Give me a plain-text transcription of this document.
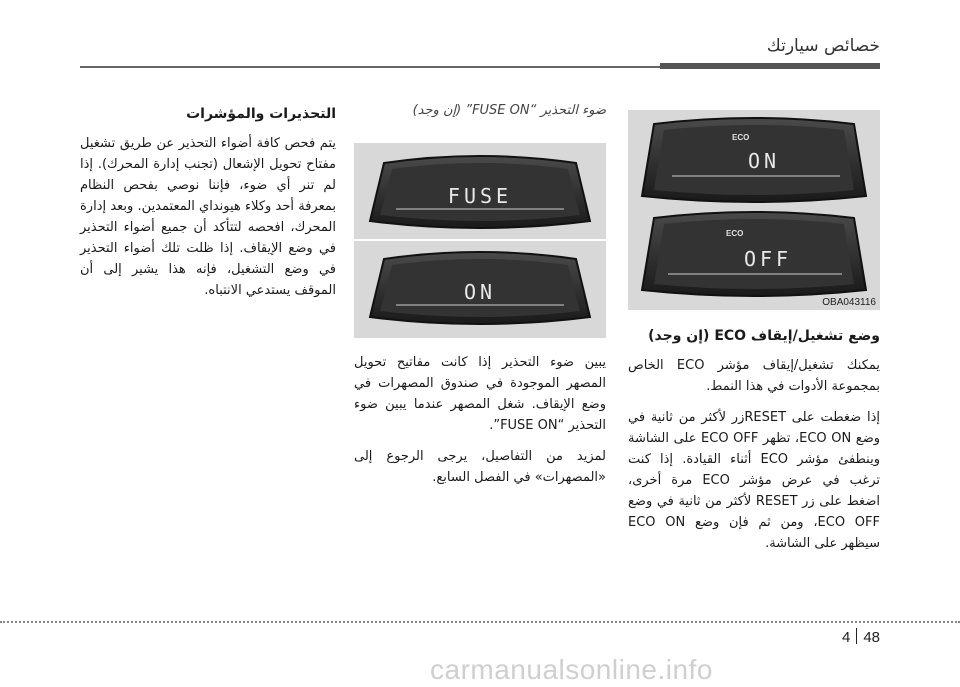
خصائص سيارتك
التحذيرات والمؤشرات

يتم فحص كافة أضواء التحذير عن طريق تشغيل مفتاح تحويل الإشعال (تجنب إدارة المحرك). إذا لم تنر أي ضوء، فإننا نوصي بفحص النظام بمعرفة أحد وكلاء هيونداي المعتمدين. وبعد إدارة المحرك، افحصه لتتأكد أن جميع أضواء التحذير في وضع الإيقاف. إذا ظلت تلك أضواء التحذير في وضع التشغيل، فإنه هذا يشير إلى أن الموقف يستدعي الانتباه.

ضوء التحذير “FUSE ON” (إن وجد)
FUSE
ON

يبين ضوء التحذير إذا كانت مفاتيح تحويل المصهر الموجودة في صندوق المصهرات في وضع الإيقاف. شغل المصهر عندما يبين ضوء التحذير “FUSE ON”.

لمزيد من التفاصيل، يرجى الرجوع إلى «المصهرات» في الفصل السابع.

ECO
ON
ECO
OFF
OBA043116
وضع تشغيل/إيقاف ECO (إن وجد)

يمكنك تشغيل/إيقاف مؤشر ECO الخاص بمجموعة الأدوات في هذا النمط.

إذا ضغطت على RESETزر لأكثر من ثانية في وضع ECO ON، تظهر ECO OFF على الشاشة وينطفئ مؤشر ECO أثناء القيادة. إذا كنت ترغب في عرض مؤشر ECO مرة أخرى، اضغط على زر RESET لأكثر من ثانية في وضع ECO OFF، ومن ثم فإن وضع ECO ON سيظهر على الشاشة.

4 48
carmanualsonline.info
